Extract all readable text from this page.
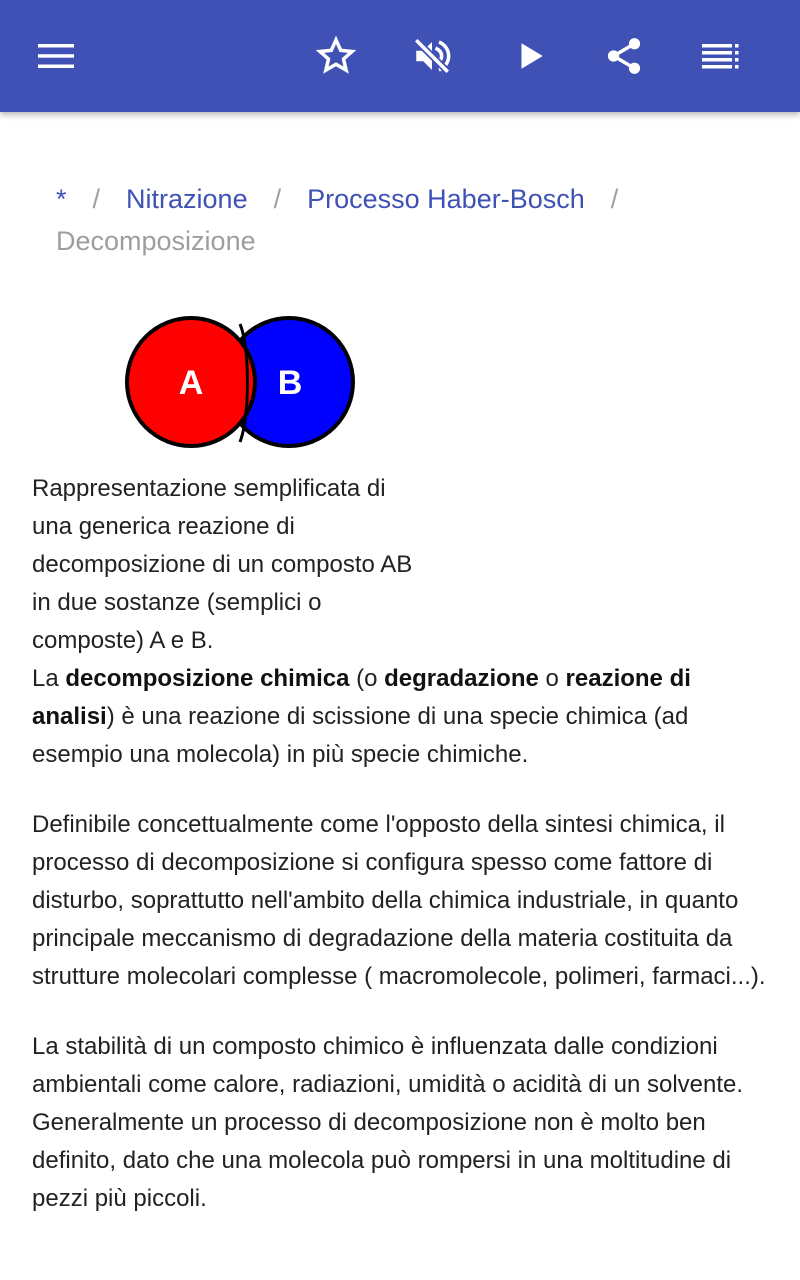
* / Nitrazione / Processo Haber-Bosch /
Decomposizione
A B
Rappresentazione semplificata di una generica reazione di decomposizione di un composto AB in due sostanze (semplici o composte) A e B.

La decomposizione chimica (o degradazione o reazione di analisi) è una reazione di scissione di una specie chimica (ad esempio una molecola) in più specie chimiche.

Definibile concettualmente come l'opposto della sintesi chimica, il processo di decomposizione si configura spesso come fattore di disturbo, soprattutto nell'ambito della chimica industriale, in quanto principale meccanismo di degradazione della materia costituita da strutture molecolari complesse ( macromolecole, polimeri, farmaci...).

La stabilità di un composto chimico è influenzata dalle condizioni ambientali come calore, radiazioni, umidità o acidità di un solvente. Generalmente un processo di decomposizione non è molto ben definito, dato che una molecola può rompersi in una moltitudine di pezzi più piccoli.
